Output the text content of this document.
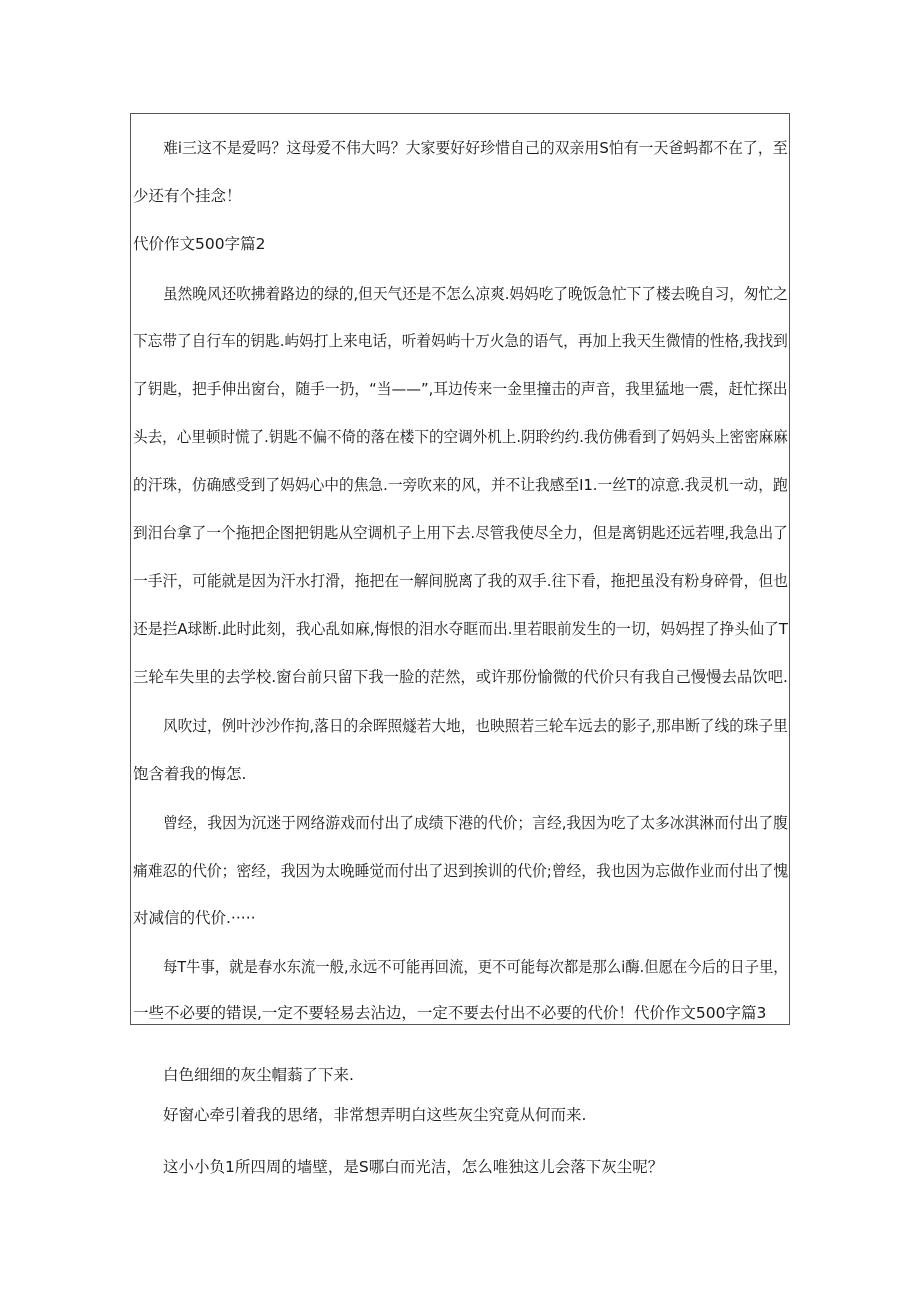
难i三这不是爱吗？这母爱不伟大吗？大家要好好珍惜自己的双亲用S怕有一天爸蚂都不在了，至
少还有个挂念！
代价作文500字篇2
虽然晚风还吹拂着路边的绿的,但天气还是不怎么凉爽.妈妈吃了晚饭急忙下了楼去晚自习，匆忙之
下忘带了自行车的钥匙.屿妈打上来电话，听着妈屿十万火急的语气，再加上我天生微情的性格,我找到
了钥匙，把手伸出窗台，随手一扔，“当——”,耳边传来一金里撞击的声音，我里猛地一震，赶忙探出
头去，心里顿时慌了.钥匙不偏不倚的落在楼下的空调外机上.阴聆约约.我仿佛看到了妈妈头上密密麻麻
的汗珠，仿确感受到了妈妈心中的焦急.一旁吹来的风，并不让我感至I1.一丝T的凉意.我灵机一动，跑
到汨台拿了一个拖把企图把钥匙从空调机子上用下去.尽管我使尽全力，但是离钥匙还远若哩,我急出了
一手汗，可能就是因为汗水打滑，拖把在一解间脱离了我的双手.往下看，拖把虽没有粉身碎骨，但也
还是拦A球断.此时此刻，我心乱如麻,悔恨的泪水夺眶而出.里若眼前发生的一切，妈妈捏了挣头仙了T
三轮车失里的去学校.窗台前只留下我一脸的茫然，或许那份愉微的代价只有我自己慢慢去品饮吧.
风吹过，例叶沙沙作拘,落日的余晖照燧若大地，也映照若三轮车远去的影子,那串断了线的珠子里
饱含着我的悔怎.
曾经，我因为沉迷于网络游戏而付出了成绩下港的代价；言经,我因为吃了太多冰淇淋而付出了腹
痛难忍的代价；密经，我因为太晚睡觉而付出了迟到挨训的代价;曾经，我也因为忘做作业而付出了愧
对减信的代价.·····
每T牛事，就是春水东流一般,永远不可能再回流，更不可能每次都是那么i酶.但愿在今后的日子里，
一些不必要的错误,一定不要轻易去沾边，一定不要去付出不必要的代价！代价作文500字篇3
白色细细的灰尘帽蓊了下来.
好窗心牵引着我的思绪，非常想弄明白这些灰尘究竟从何而来.
这小小负1所四周的墙壁，是S哪白而光洁，怎么唯独这儿会落下灰尘呢？
